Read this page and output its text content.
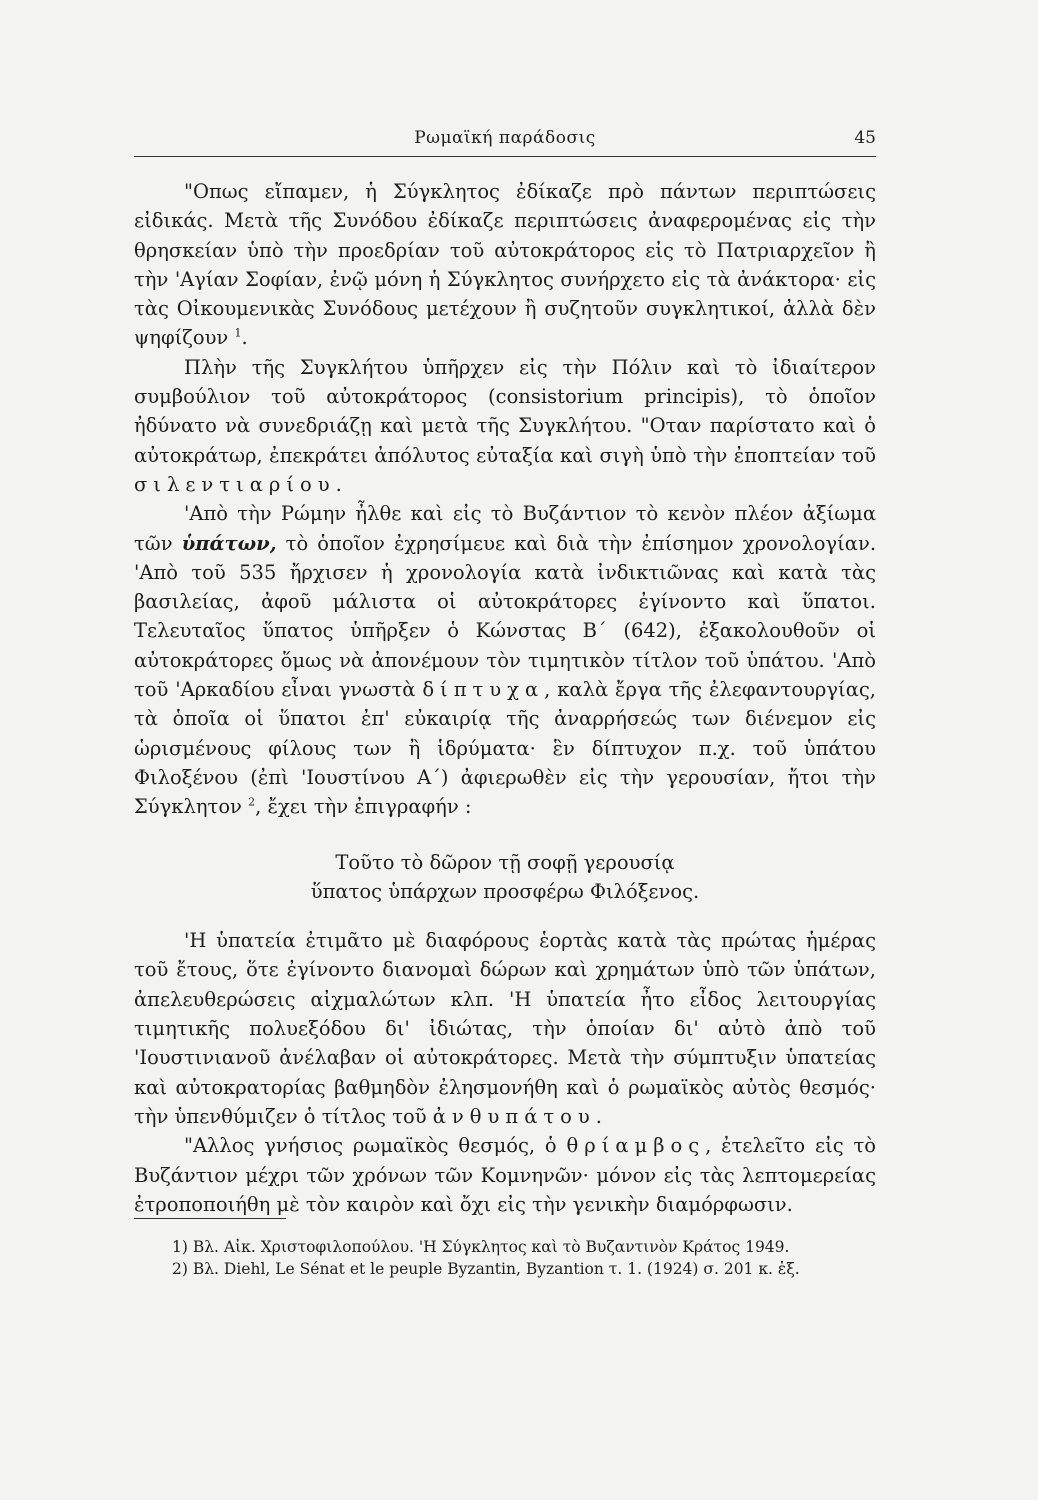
Ρωμαϊκή παράδοσις	45

"Οπως εἴπαμεν, ἡ Σύγκλητος ἐδίκαζε πρὸ πάντων περιπτώσεις εἰδικάς. Μετὰ τῆς Συνόδου ἐδίκαζε περιπτώσεις ἀναφερομένας εἰς τὴν θρησκείαν ὑπὸ τὴν προεδρίαν τοῦ αὐτοκράτορος εἰς τὸ Πατριαρχεῖον ἢ τὴν 'Αγίαν Σοφίαν, ἐνῷ μόνη ἡ Σύγκλητος συνήρχετο εἰς τὰ ἀνάκτορα· εἰς τὰς Οἰκουμενικὰς Συνόδους μετέχουν ἢ συζητοῦν συγκλητικοί, ἀλλὰ δὲν ψηφίζουν $^1$.

Πλὴν τῆς Συγκλήτου ὑπῆρχεν εἰς τὴν Πόλιν καὶ τὸ ἰδιαίτερον συμβούλιον τοῦ αὐτοκράτορος (consistorium principis), τὸ ὁποῖον ἠδύνατο νὰ συνεδριάζῃ καὶ μετὰ τῆς Συγκλήτου. "Οταν παρίστατο καὶ ὁ αὐτοκράτωρ, ἐπεκράτει ἀπόλυτος εὐταξία καὶ σιγὴ ὑπὸ τὴν ἐποπτείαν τοῦ σιλεντιαρίου.

'Απὸ τὴν Ρώμην ἦλθε καὶ εἰς τὸ Βυζάντιον τὸ κενὸν πλέον ἀξίωμα τῶν ὑπάτων, τὸ ὁποῖον ἐχρησίμευε καὶ διὰ τὴν ἐπίσημον χρονολογίαν. 'Απὸ τοῦ 535 ἤρχισεν ἡ χρονολογία κατὰ ἰνδικτιῶνας καὶ κατὰ τὰς βασιλείας, ἀφοῦ μάλιστα οἱ αὐτοκράτορες ἐγίνοντο καὶ ὕπατοι. Τελευταῖος ὕπατος ὑπῆρξεν ὁ Κώνστας Β΄ (642), ἐξακολουθοῦν οἱ αὐτοκράτορες ὅμως νὰ ἀπονέμουν τὸν τιμητικὸν τίτλον τοῦ ὑπάτου. 'Απὸ τοῦ 'Αρκαδίου εἶναι γνωστὰ δίπτυχα, καλὰ ἔργα τῆς ἐλεφαντουργίας, τὰ ὁποῖα οἱ ὕπατοι ἐπ' εὐκαιρίᾳ τῆς ἀναρρήσεώς των διένεμον εἰς ὡρισμένους φίλους των ἢ ἱδρύματα· ἓν δίπτυχον π.χ. τοῦ ὑπάτου Φιλοξένου (ἐπὶ 'Ιουστίνου Α΄) ἀφιερωθὲν εἰς τὴν γερουσίαν, ἤτοι τὴν Σύγκλητον $^2$, ἔχει τὴν ἐπιγραφήν :

Τοῦτο τὸ δῶρον τῇ σοφῇ γερουσίᾳ
ὕπατος ὑπάρχων προσφέρω Φιλόξενος.

'Η ὑπατεία ἐτιμᾶτο μὲ διαφόρους ἑορτὰς κατὰ τὰς πρώτας ἡμέρας τοῦ ἔτους, ὅτε ἐγίνοντο διανομαὶ δώρων καὶ χρημάτων ὑπὸ τῶν ὑπάτων, ἀπελευθερώσεις αἰχμαλώτων κλπ. 'Η ὑπατεία ἦτο εἶδος λειτουργίας τιμητικῆς πολυεξόδου δι' ἰδιώτας, τὴν ὁποίαν δι' αὐτὸ ἀπὸ τοῦ 'Ιουστινιανοῦ ἀνέλαβαν οἱ αὐτοκράτορες. Μετὰ τὴν σύμπτυξιν ὑπατείας καὶ αὐτοκρατορίας βαθμηδὸν ἐλησμονήθη καὶ ὁ ρωμαϊκὸς αὐτὸς θεσμός· τὴν ὑπενθύμιζεν ὁ τίτλος τοῦ ἀνθυπάτου.

"Αλλος γνήσιος ρωμαϊκὸς θεσμός, ὁ θρίαμβος, ἐτελεῖτο εἰς τὸ Βυζάντιον μέχρι τῶν χρόνων τῶν Κομνηνῶν· μόνον εἰς τὰς λεπτομερείας ἐτροποποιήθη μὲ τὸν καιρὸν καὶ ὄχι εἰς τὴν γενικὴν διαμόρφωσιν.

1) Βλ. Αἰκ. Χριστοφιλοπούλου. 'Η Σύγκλητος καὶ τὸ Βυζαντινὸν Κράτος 1949.

2) Βλ. Diehl, Le Sénat et le peuple Byzantin, Byzantion τ. 1. (1924) σ. 201 κ. ἑξ.
